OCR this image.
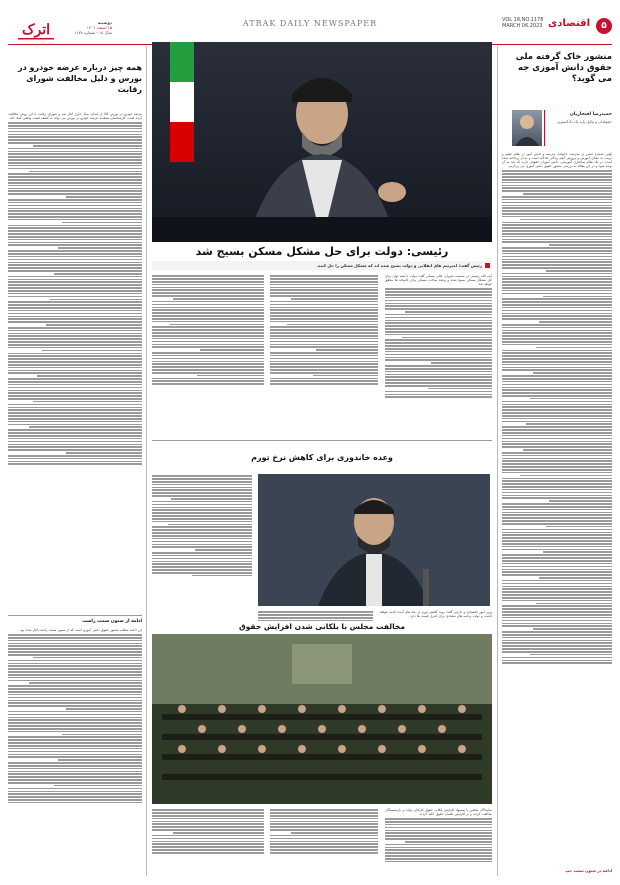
۵
اقتصادی
VOL 18,NO.1178
MARCH 06.2023
ATRAK DAILY NEWSPAPER
اترک	دوشنبه
۱۵ اسفند ۱۴۰۱
سال ۱۸ - شماره ۱۱۷۸
منشور خاک گرفته ملی حقوق دانش آموزی جه می گوید؟
حمیدرضا افتخاریان
حقوقدان و وکیل پایه یک دادگستری

اولین شماره جشن در مدرسه. خانواده، مدرسه و دانش آموز در نظام تعلیم و تربیت به معنای آموزش و پرورش آنچه زندگی عادلانه است و به آن پرداخته شده است. در یک نظام ساختاری آموزشی، دانش آموزان حقوقی دارند که باید به آن توجه شود و در این مقاله به بررسی منشور حقوق دانش آموزی می پردازیم.

ادامه در ستون سمت چپ
رئیسی: دولت برای حل مشکل مسکن بسیج شد
رئیس گفت: امیرتیم های انقلابی و دولت بسیج شده اند که مشکل مسکن را حل کنند.

آیت الله رئیسی در نشست شورای عالی مسکن گفت دولت با همه توان برای حل مشکل مسکن بسیج شده و وعده ساخت مسکن برای خانواده ها محقق خواهد شد.

وعده خاندوزی برای کاهش نرخ تورم

وزیر امور اقتصادی و دارایی گفت روند کاهش تورم در ماه های آینده ادامه خواهد داشت و دولت برنامه های متعددی برای کنترل قیمت ها دارد.

مخالفت مجلس با بلکانی شدن افزایش حقوق

نمایندگان مجلس با پیشنهاد افزایش پلکانی حقوق کارکنان دولت و بازنشستگان مخالفت کردند و بر افزایش یکسان حقوق تاکید کردند.

همه چیز درباره عرضه خودرو در بورس و دلیل مخالفت شورای رقابت

عرضه خودرو در بورس کالا از ابتدای سال جاری آغاز شد و شورای رقابت با این روش مخالفت کرده است. کارشناسان معتقدند عرضه خودرو در بورس می تواند به کشف قیمت واقعی کمک کند.

ادامه از ستون سمت راست

این ادامه مطلب منشور حقوق دانش آموزی است که از ستون سمت راست آغاز شده بود.
